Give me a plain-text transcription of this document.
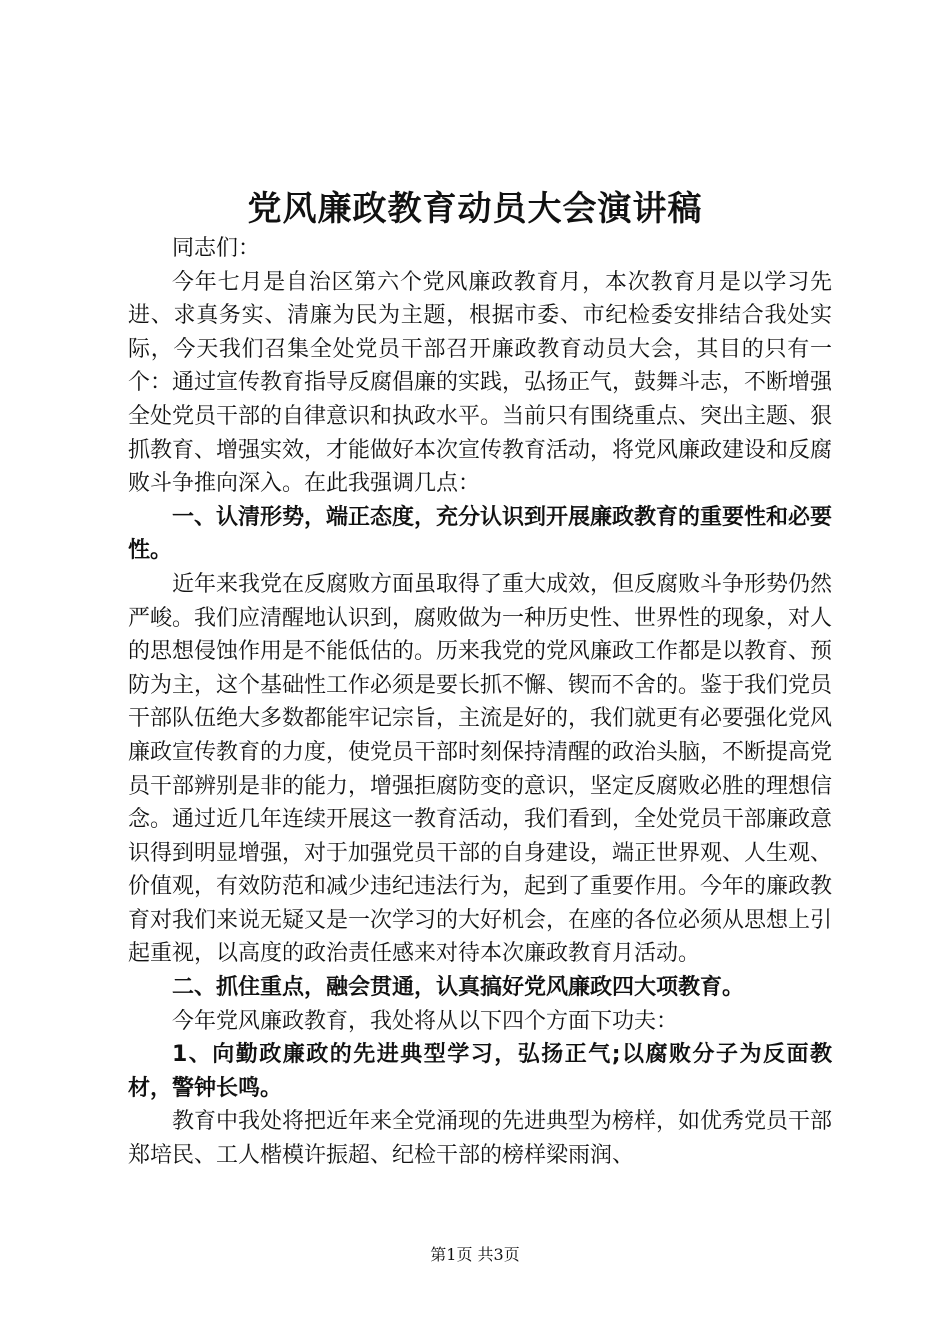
党风廉政教育动员大会演讲稿

同志们：

今年七月是自治区第六个党风廉政教育月，本次教育月是以学习先进、求真务实、清廉为民为主题，根据市委、市纪检委安排结合我处实际，今天我们召集全处党员干部召开廉政教育动员大会，其目的只有一个：通过宣传教育指导反腐倡廉的实践，弘扬正气，鼓舞斗志，不断增强全处党员干部的自律意识和执政水平。当前只有围绕重点、突出主题、狠抓教育、增强实效，才能做好本次宣传教育活动，将党风廉政建设和反腐败斗争推向深入。在此我强调几点：

一、认清形势，端正态度，充分认识到开展廉政教育的重要性和必要性。

近年来我党在反腐败方面虽取得了重大成效，但反腐败斗争形势仍然严峻。我们应清醒地认识到，腐败做为一种历史性、世界性的现象，对人的思想侵蚀作用是不能低估的。历来我党的党风廉政工作都是以教育、预防为主，这个基础性工作必须是要长抓不懈、锲而不舍的。鉴于我们党员干部队伍绝大多数都能牢记宗旨，主流是好的，我们就更有必要强化党风廉政宣传教育的力度，使党员干部时刻保持清醒的政治头脑，不断提高党员干部辨别是非的能力，增强拒腐防变的意识，坚定反腐败必胜的理想信念。通过近几年连续开展这一教育活动，我们看到，全处党员干部廉政意识得到明显增强，对于加强党员干部的自身建设，端正世界观、人生观、价值观，有效防范和减少违纪违法行为，起到了重要作用。今年的廉政教育对我们来说无疑又是一次学习的大好机会，在座的各位必须从思想上引起重视，以高度的政治责任感来对待本次廉政教育月活动。

二、抓住重点，融会贯通，认真搞好党风廉政四大项教育。

今年党风廉政教育，我处将从以下四个方面下功夫：

1、向勤政廉政的先进典型学习，弘扬正气;以腐败分子为反面教材，警钟长鸣。

教育中我处将把近年来全党涌现的先进典型为榜样，如优秀党员干部郑培民、工人楷模许振超、纪检干部的榜样梁雨润、

第1页 共3页
